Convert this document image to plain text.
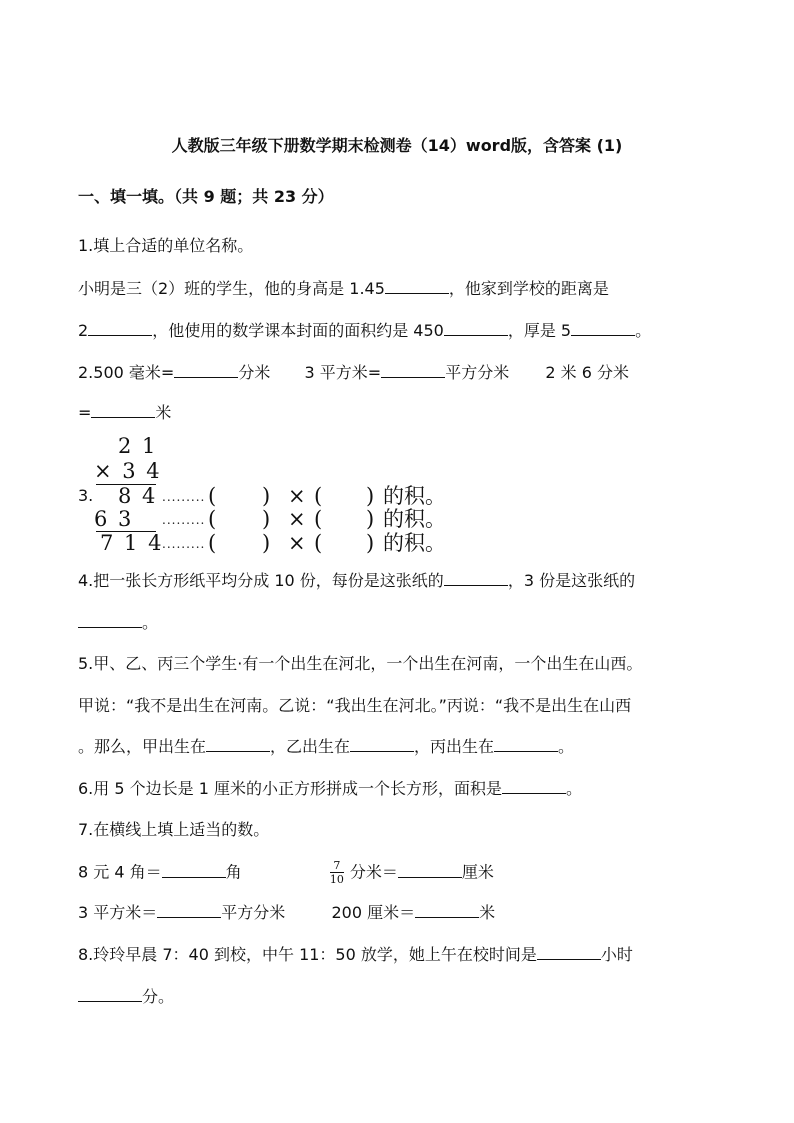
人教版三年级下册数学期末检测卷（14）word版，含答案 (1)
一、填一填。（共 9 题；共 23 分）
1.填上合适的单位名称。
小明是三（2）班的学生，他的身高是 1.45	，他家到学校的距离是
2	，他使用的数学课本封面的面积约是 450	，厚是 5	。
2.500 毫米=	分米 3 平方米=	平方分米 2 米 6 分米
=	米
3.
2 1
× 3 4
8 4
6 3
7 1 4
......... ( ) × ( ) 的积。
......... ( ) × ( ) 的积。
......... ( ) × ( ) 的积。
4.把一张长方形纸平均分成 10 份，每份是这张纸的	，3 份是这张纸的
。
5.甲、乙、丙三个学生·有一个出生在河北，一个出生在河南，一个出生在山西。
甲说：“我不是出生在河南。乙说：“我出生在河北。”丙说：“我不是出生在山西
。那么，甲出生在	，乙出生在	，丙出生在	。
6.用 5 个边长是 1 厘米的小正方形拼成一个长方形，面积是	。
7.在横线上填上适当的数。
8 元 4 角＝	角	$\frac{7}{10}$ 分米＝	厘米
3 平方米＝	平方分米	200 厘米＝	米
8.玲玲早晨 7：40 到校，中午 11：50 放学，她上午在校时间是	小时
分。
